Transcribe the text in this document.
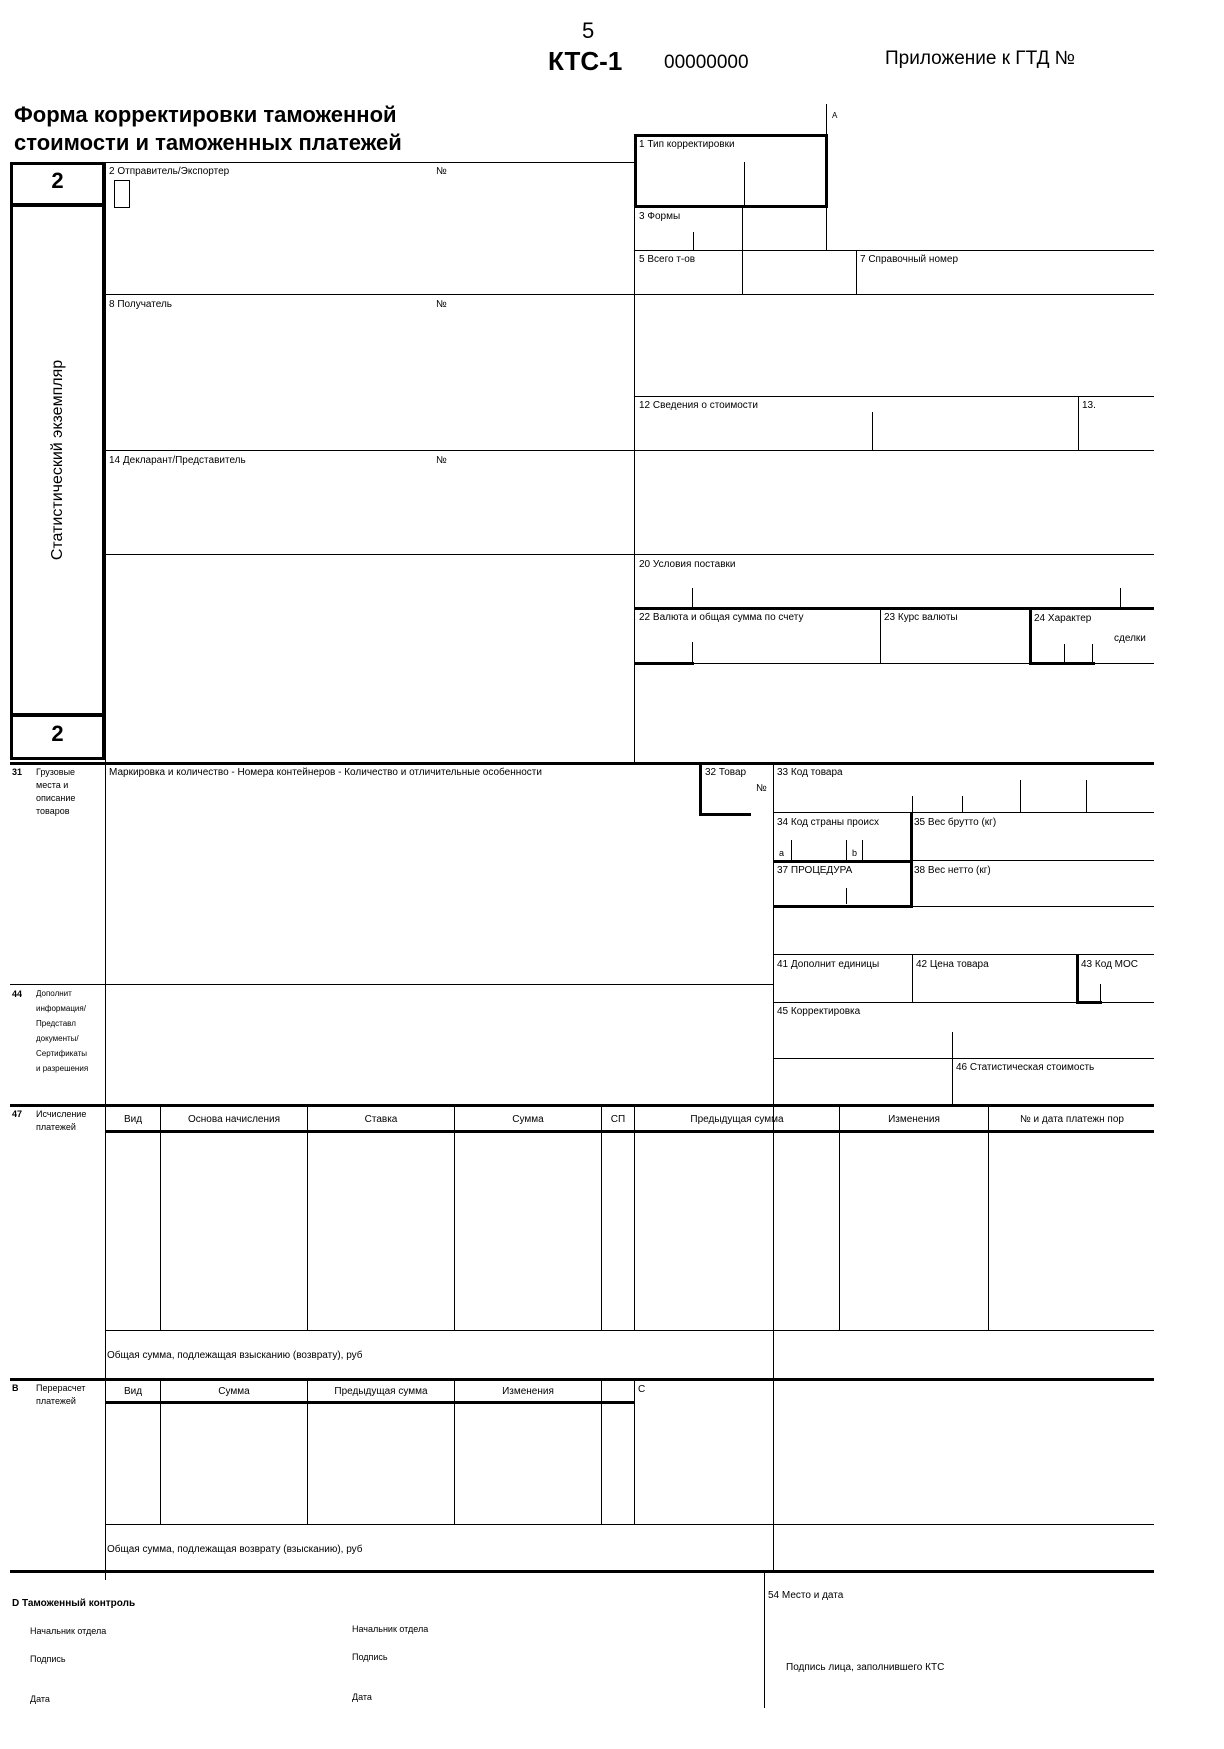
5
КТС-1 00000000	Приложение к ГТД №
Форма корректировки таможенной
стоимости и таможенных платежей
2
Статистический экземпляр
2
A
1 Тип корректировки
2 Отправитель/Экспортер	№
3 Формы
5 Всего т-ов	7 Справочный номер
8 Получатель	№
12 Сведения о стоимости	13.
14 Декларант/Представитель	№
20 Условия поставки
22 Валюта и общая сумма по счету	23 Курс валюты	24 Характер
сделки
31 Грузовые
места и
описание
товаров
Маркировка и количество - Номера контейнеров - Количество и отличительные особенности	32 Товар
№
33 Код товара
34 Код страны происх
a	b
35 Вес брутто (кг)
37 ПРОЦЕДУРА	38 Вес нетто (кг)
41 Дополнит единицы	42 Цена товара	43 Код МОС
44 Дополнит
информация/
Представл
документы/
Сертификаты
и разрешения
45 Корректировка
46 Статистическая стоимость
47 Исчисление
платежей
Вид	Основа начисления	Ставка	Сумма	СП	Предыдущая сумма	Изменения	№ и дата платежн пор
Общая сумма, подлежащая взысканию (возврату), руб
В Перерасчет
платежей
Вид	Сумма	Предыдущая сумма	Изменения	С
Общая сумма, подлежащая возврату (взысканию), руб
D Таможенный контроль
Начальник отдела
Подпись
Дата
Начальник отдела
Подпись
Дата
54 Место и дата
Подпись лица, заполнившего КТС
